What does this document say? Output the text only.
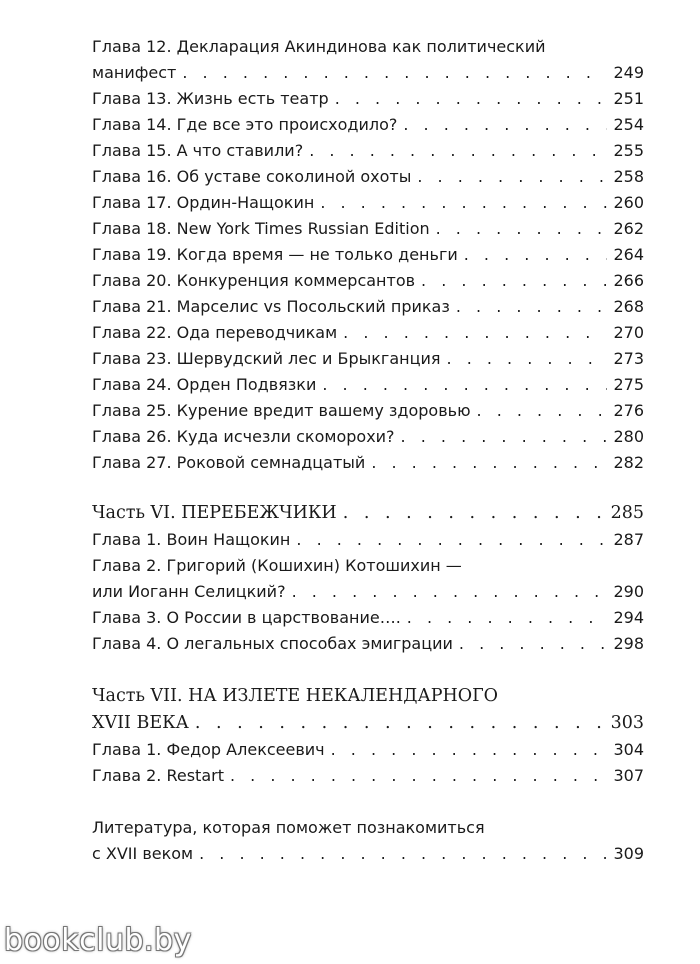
Глава 12. Декларация Акиндинова как политический
манифест . . .	249
Глава 13. Жизнь есть театр . . .	251
Глава 14. Где все это происходило? . . .	254
Глава 15. А что ставили? . . .	255
Глава 16. Об уставе соколиной охоты . . .	258
Глава 17. Ордин-Нащокин . . .	260
Глава 18. New York Times Russian Edition . . .	262
Глава 19. Когда время — не только деньги . . .	264
Глава 20. Конкуренция коммерсантов . . .	266
Глава 21. Марселис vs Посольский приказ . . .	268
Глава 22. Ода переводчикам . . .	270
Глава 23. Шервудский лес и Брыкганция . . .	273
Глава 24. Орден Подвязки . . .	275
Глава 25. Курение вредит вашему здоровью . . .	276
Глава 26. Куда исчезли скоморохи? . . .	280
Глава 27. Роковой семнадцатый . . .	282
Часть VI. ПЕРЕБЕЖЧИКИ . . .	285
Глава 1. Воин Нащокин . . .	287
Глава 2. Григорий (Кошихин) Котошихин —
или Иоганн Селицкий? . . .	290
Глава 3. О России в царствование…. . . .	294
Глава 4. О легальных способах эмиграции . . .	298
Часть VII. НА ИЗЛЕТЕ НЕКАЛЕНДАРНОГО
XVII ВЕКА . . .	303
Глава 1. Федор Алексеевич . . .	304
Глава 2. Restart . . .	307
Литература, которая поможет познакомиться
с XVII веком . . .	309
bookclub.by
